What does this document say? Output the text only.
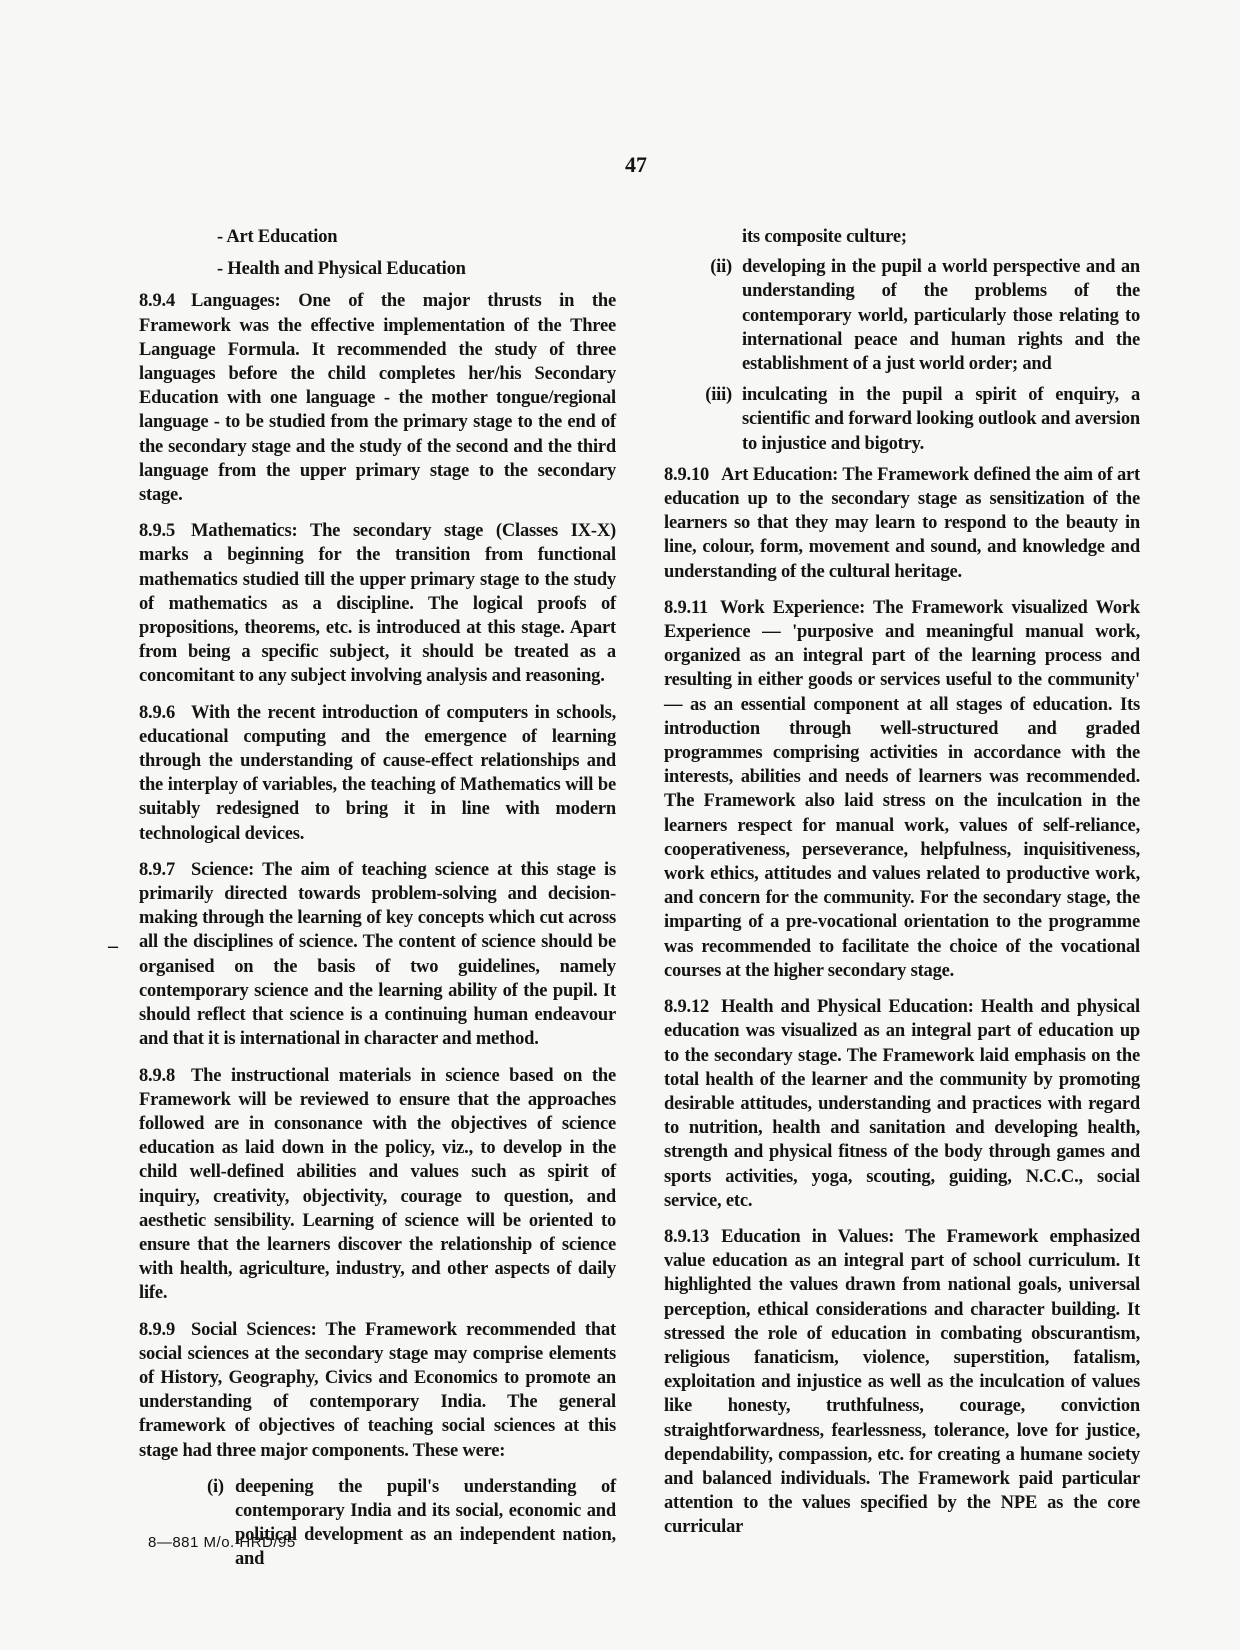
47
–
- Art Education
- Health and Physical Education

8.9.4 Languages: One of the major thrusts in the Framework was the effective implementation of the Three Language Formula. It recommended the study of three languages before the child completes her/his Secondary Education with one language - the mother tongue/regional language - to be studied from the primary stage to the end of the secondary stage and the study of the second and the third language from the upper primary stage to the secondary stage.

8.9.5 Mathematics: The secondary stage (Classes IX-X) marks a beginning for the transition from functional mathematics studied till the upper primary stage to the study of mathematics as a discipline. The logical proofs of propositions, theorems, etc. is introduced at this stage. Apart from being a specific subject, it should be treated as a concomitant to any subject involving analysis and reasoning.

8.9.6 With the recent introduction of computers in schools, educational computing and the emergence of learning through the understanding of cause-effect relationships and the interplay of variables, the teaching of Mathematics will be suitably redesigned to bring it in line with modern technological devices.

8.9.7 Science: The aim of teaching science at this stage is primarily directed towards problem-solving and decision-making through the learning of key concepts which cut across all the disciplines of science. The content of science should be organised on the basis of two guidelines, namely contemporary science and the learning ability of the pupil. It should reflect that science is a continuing human endeavour and that it is international in character and method.

8.9.8 The instructional materials in science based on the Framework will be reviewed to ensure that the approaches followed are in consonance with the objectives of science education as laid down in the policy, viz., to develop in the child well-defined abilities and values such as spirit of inquiry, creativity, objectivity, courage to question, and aesthetic sensibility. Learning of science will be oriented to ensure that the learners discover the relationship of science with health, agriculture, industry, and other aspects of daily life.

8.9.9 Social Sciences: The Framework recommended that social sciences at the secondary stage may comprise elements of History, Geography, Civics and Economics to promote an understanding of contemporary India. The general framework of objectives of teaching social sciences at this stage had three major components. These were:

(i) deepening the pupil's understanding of contemporary India and its social, economic and political development as an independent nation, and
its composite culture;
(ii) developing in the pupil a world perspective and an understanding of the problems of the contemporary world, particularly those relating to international peace and human rights and the establishment of a just world order; and
(iii) inculcating in the pupil a spirit of enquiry, a scientific and forward looking outlook and aversion to injustice and bigotry.

8.9.10 Art Education: The Framework defined the aim of art education up to the secondary stage as sensitization of the learners so that they may learn to respond to the beauty in line, colour, form, movement and sound, and knowledge and understanding of the cultural heritage.

8.9.11 Work Experience: The Framework visualized Work Experience — 'purposive and meaningful manual work, organized as an integral part of the learning process and resulting in either goods or services useful to the community' — as an essential component at all stages of education. Its introduction through well-structured and graded programmes comprising activities in accordance with the interests, abilities and needs of learners was recommended. The Framework also laid stress on the inculcation in the learners respect for manual work, values of self-reliance, cooperativeness, perseverance, helpfulness, inquisitiveness, work ethics, attitudes and values related to productive work, and concern for the community. For the secondary stage, the imparting of a pre-vocational orientation to the programme was recommended to facilitate the choice of the vocational courses at the higher secondary stage.

8.9.12 Health and Physical Education: Health and physical education was visualized as an integral part of education up to the secondary stage. The Framework laid emphasis on the total health of the learner and the community by promoting desirable attitudes, understanding and practices with regard to nutrition, health and sanitation and developing health, strength and physical fitness of the body through games and sports activities, yoga, scouting, guiding, N.C.C., social service, etc.

8.9.13 Education in Values: The Framework emphasized value education as an integral part of school curriculum. It highlighted the values drawn from national goals, universal perception, ethical considerations and character building. It stressed the role of education in combating obscurantism, religious fanaticism, violence, superstition, fatalism, exploitation and injustice as well as the inculcation of values like honesty, truthfulness, courage, conviction straightforwardness, fearlessness, tolerance, love for justice, dependability, compassion, etc. for creating a humane society and balanced individuals. The Framework paid particular attention to the values specified by the NPE as the core curricular

8—881 M/o. HRD/95
